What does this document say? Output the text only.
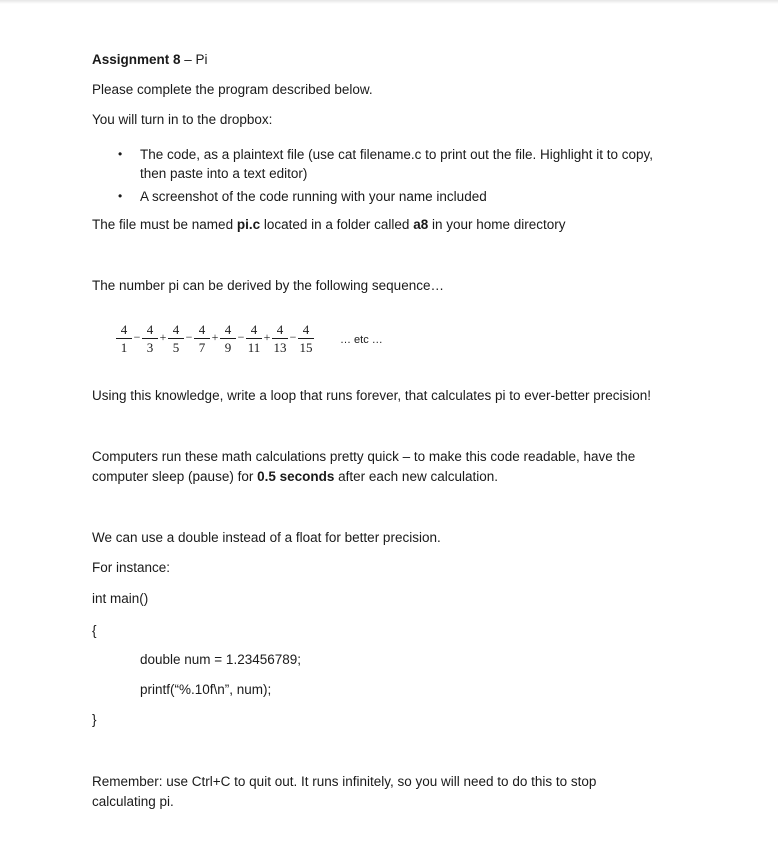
Assignment 8 – Pi
Please complete the program described below.
You will turn in to the dropbox:
• The code, as a plaintext file (use cat filename.c to print out the file. Highlight it to copy,
then paste into a text editor)
• A screenshot of the code running with your name included
The file must be named pi.c located in a folder called a8 in your home directory
The number pi can be derived by the following sequence…
4
1
− 4
3
+ 4
5
− 4
7
+ 4
9
− 4
11
+ 4
13
− 4
15	… etc …
Using this knowledge, write a loop that runs forever, that calculates pi to ever-better precision!
Computers run these math calculations pretty quick – to make this code readable, have the
computer sleep (pause) for 0.5 seconds after each new calculation.
We can use a double instead of a float for better precision.
For instance:
int main()
{
double num = 1.23456789;
printf(“%.10f\n”, num);
}
Remember: use Ctrl+C to quit out. It runs infinitely, so you will need to do this to stop
calculating pi.
